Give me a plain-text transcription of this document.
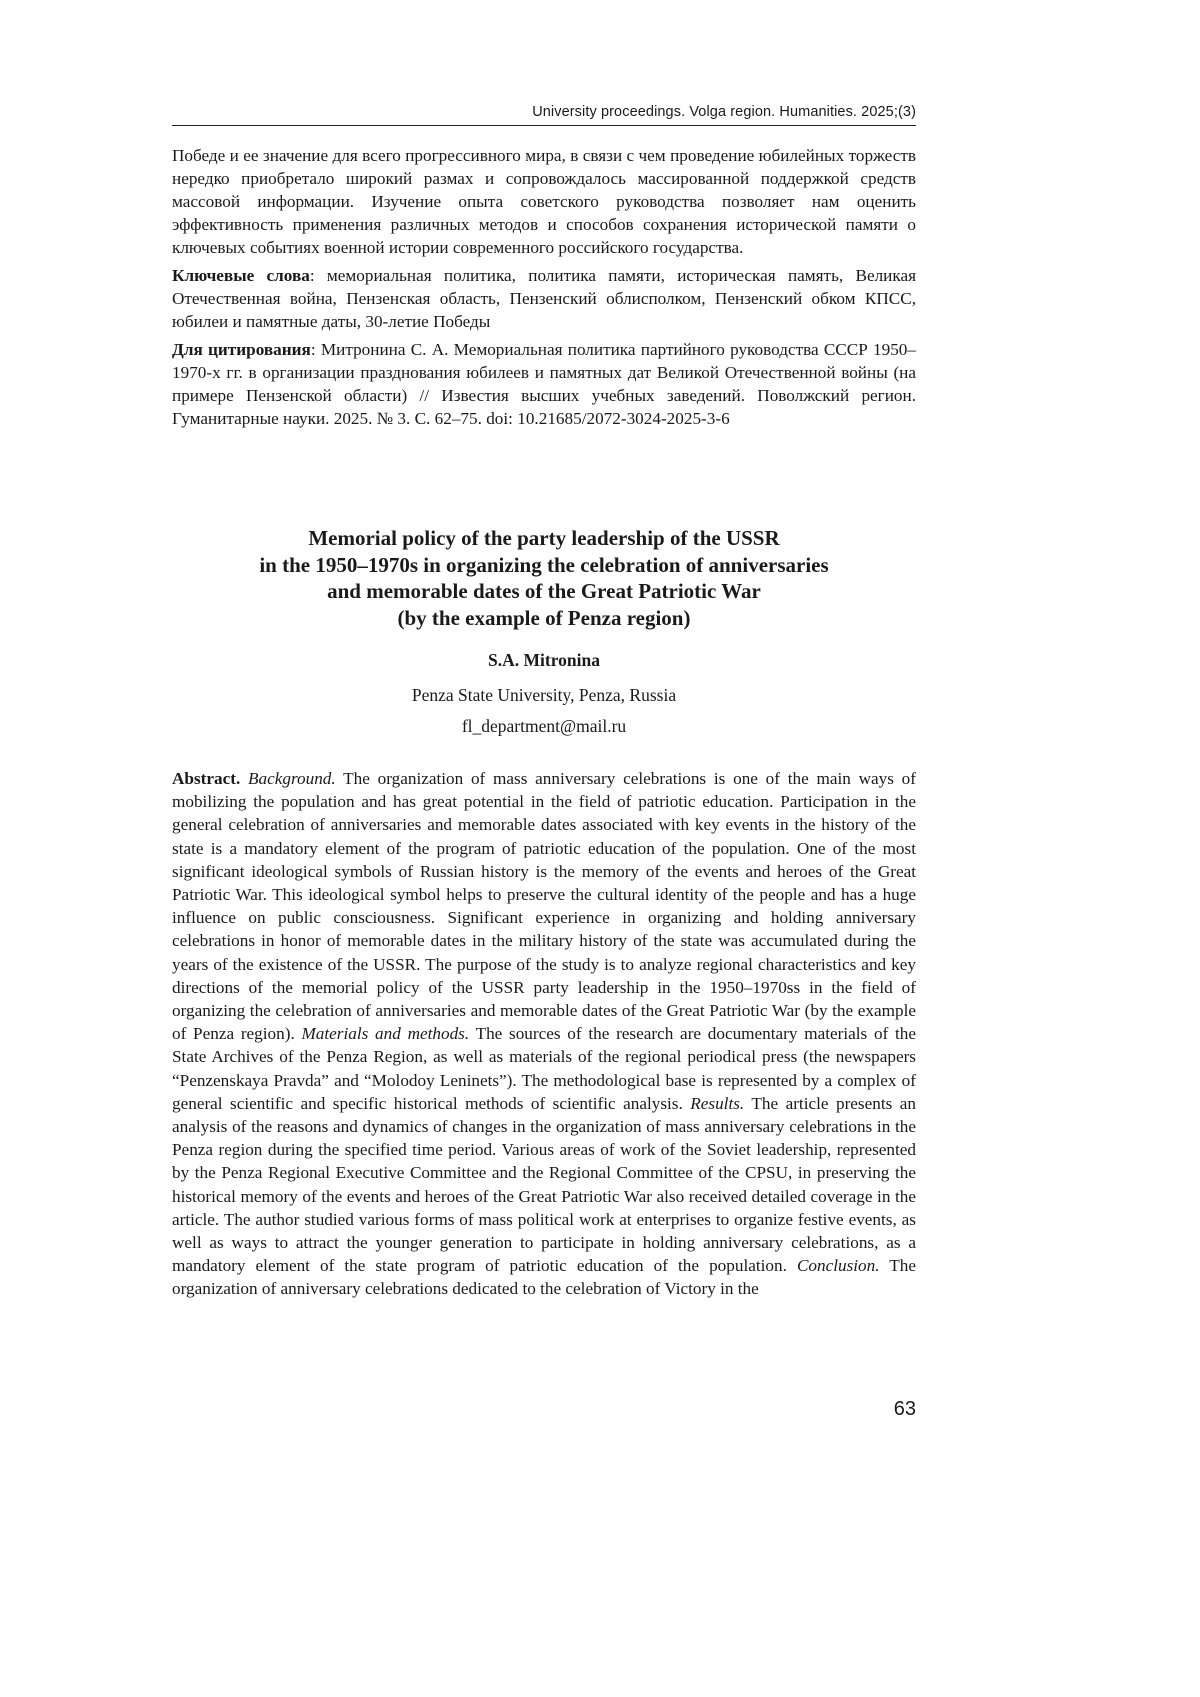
University proceedings. Volga region. Humanities. 2025;(3)

Победе и ее значение для всего прогрессивного мира, в связи с чем проведение юбилейных торжеств нередко приобретало широкий размах и сопровождалось массированной поддержкой средств массовой информации. Изучение опыта советского руководства позволяет нам оценить эффективность применения различных методов и способов сохранения исторической памяти о ключевых событиях военной истории современного российского государства.

Ключевые слова: мемориальная политика, политика памяти, историческая память, Великая Отечественная война, Пензенская область, Пензенский облисполком, Пензенский обком КПСС, юбилеи и памятные даты, 30-летие Победы

Для цитирования: Митронина С. А. Мемориальная политика партийного руководства СССР 1950–1970-х гг. в организации празднования юбилеев и памятных дат Великой Отечественной войны (на примере Пензенской области) // Известия высших учебных заведений. Поволжский регион. Гуманитарные науки. 2025. № 3. С. 62–75. doi: 10.21685/2072-3024-2025-3-6

Memorial policy of the party leadership of the USSR
in the 1950–1970s in organizing the celebration of anniversaries
and memorable dates of the Great Patriotic War
(by the example of Penza region)
S.A. Mitronina
Penza State University, Penza, Russia
fl_department@mail.ru

Abstract. Background. The organization of mass anniversary celebrations is one of the main ways of mobilizing the population and has great potential in the field of patriotic education. Participation in the general celebration of anniversaries and memorable dates associated with key events in the history of the state is a mandatory element of the program of patriotic education of the population. One of the most significant ideological symbols of Russian history is the memory of the events and heroes of the Great Patriotic War. This ideological symbol helps to preserve the cultural identity of the people and has a huge influence on public consciousness. Significant experience in organizing and holding anniversary celebrations in honor of memorable dates in the military history of the state was accumulated during the years of the existence of the USSR. The purpose of the study is to analyze regional characteristics and key directions of the memorial policy of the USSR party leadership in the 1950–1970ss in the field of organizing the celebration of anniversaries and memorable dates of the Great Patriotic War (by the example of Penza region). Materials and methods. The sources of the research are documentary materials of the State Archives of the Penza Region, as well as materials of the regional periodical press (the newspapers “Penzenskaya Pravda” and “Molodoy Leninets”). The methodological base is represented by a complex of general scientific and specific historical methods of scientific analysis. Results. The article presents an analysis of the reasons and dynamics of changes in the organization of mass anniversary celebrations in the Penza region during the specified time period. Various areas of work of the Soviet leadership, represented by the Penza Regional Executive Committee and the Regional Committee of the CPSU, in preserving the historical memory of the events and heroes of the Great Patriotic War also received detailed coverage in the article. The author studied various forms of mass political work at enterprises to organize festive events, as well as ways to attract the younger generation to participate in holding anniversary celebrations, as a mandatory element of the state program of patriotic education of the population. Conclusion. The organization of anniversary celebrations dedicated to the celebration of Victory in the

63
